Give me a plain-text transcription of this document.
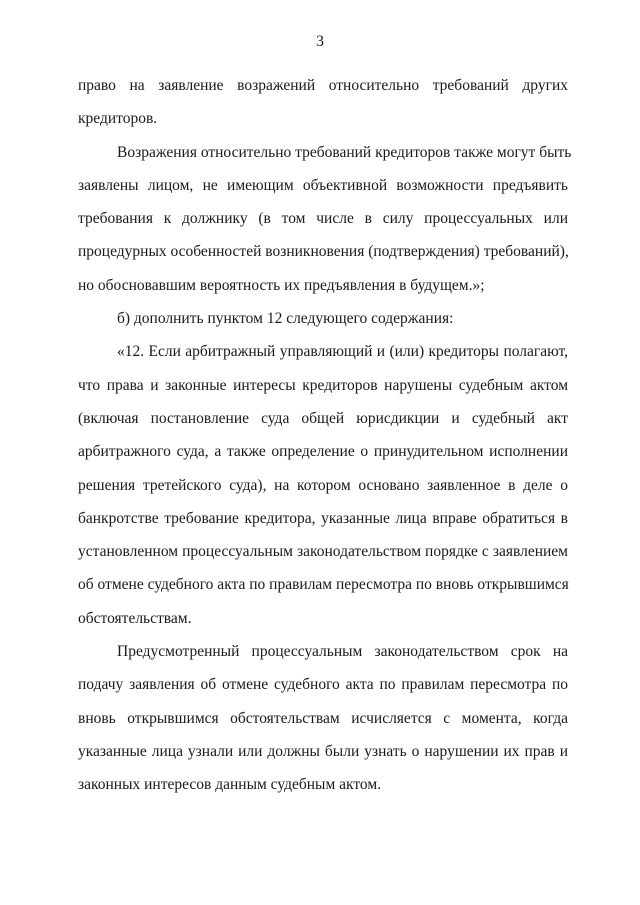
3
право на заявление возражений относительно требований других
кредиторов.
Возражения относительно требований кредиторов также могут быть
заявлены лицом, не имеющим объективной возможности предъявить
требования к должнику (в том числе в силу процессуальных или
процедурных особенностей возникновения (подтверждения) требований),
но обосновавшим вероятность их предъявления в будущем.»;
б) дополнить пунктом 12 следующего содержания:
«12. Если арбитражный управляющий и (или) кредиторы полагают,
что права и законные интересы кредиторов нарушены судебным актом
(включая постановление суда общей юрисдикции и судебный акт
арбитражного суда, а также определение о принудительном исполнении
решения третейского суда), на котором основано заявленное в деле о
банкротстве требование кредитора, указанные лица вправе обратиться в
установленном процессуальным законодательством порядке с заявлением
об отмене судебного акта по правилам пересмотра по вновь открывшимся
обстоятельствам.
Предусмотренный процессуальным законодательством срок на
подачу заявления об отмене судебного акта по правилам пересмотра по
вновь открывшимся обстоятельствам исчисляется с момента, когда
указанные лица узнали или должны были узнать о нарушении их прав и
законных интересов данным судебным актом.
